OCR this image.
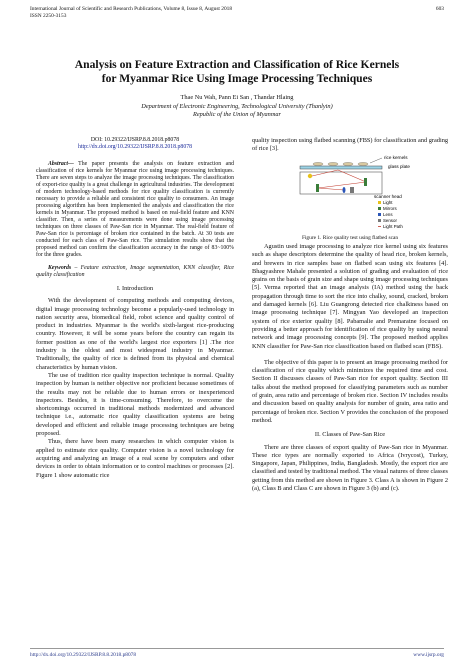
International Journal of Scientific and Research Publications, Volume 8, Issue 8, August 2018
ISSN 2250-3153
603
Analysis on Feature Extraction and Classification of Rice Kernels
for Myanmar Rice Using Image Processing Techniques
Thae Nu Wah, Pann Ei San , Thandar Hlaing
Department of Electronic Engineering, Technological University (Thanlyin)
Republic of the Union of Myanmar
DOI: 10.29322/IJSRP.8.8.2018.p8078
http://dx.doi.org/10.29322/IJSRP.8.8.2018.p8078

Abstract— The paper presents the analysis on feature extraction and classification of rice kernels for Myanmar rice using image processing techniques. There are seven steps to analyze the image processing techniques. The classification of export-rice quality is a great challenge in agricultural industries. The development of modern technology-based methods for rice quality classification is currently necessary to provide a reliable and consistent rice quality to consumers. An image processing algorithm has been implemented the analysis and classification the rice kernels in Myanmar. The proposed method is based on real-field feature and KNN classifier. Then, a series of measurements were done using image processing techniques on three classes of Paw-San rice in Myanmar. The real-field feature of Paw-San rice is percentage of broken rice contained in the batch. At 30 tests are conducted for each class of Paw-San rice. The simulation results show that the proposed method can confirm the classification accuracy in the range of 83~100% for the three grades.

Keywords – Feature extraction, Image segmentation, KNN classifier, Rice quality classification

I. Introduction

With the development of computing methods and computing devices, digital image processing technology become a popularly-used technology in nation security area, biomedical field, robot science and quality control of product in industries. Myanmar is the world's sixth-largest rice-producing country. However, it will be some years before the country can regain its former position as one of the world's largest rice exporters [1] .The rice industry is the oldest and most widespread industry in Myanmar. Traditionally, the quality of rice is defined from its physical and chemical characteristics by human vision.

The use of tradition rice quality inspection technique is normal. Quality inspection by human is neither objective nor proficient because sometimes of the results may not be reliable due to human errors or inexperienced inspectors. Besides, it is time-consuming. Therefore, to overcome the shortcomings occurred in traditional methods modernized and advanced technique i.e., automatic rice quality classification systems are being developed and efficient and reliable image processing techniques are being proposed.

Thus, there have been many researches in which computer vision is applied to estimate rice quality. Computer vision is a novel technology for acquiring and analyzing an image of a real scene by computers and other devices in order to obtain information or to control machines or processes [2]. Figure 1 show automatic rice

quality inspection using flatbed scanning (FBS) for classification and grading of rice [3].

rice kernels
glass plate
scanner head
Light
Mirrors
Lens
Sensor
Light Path
Figure 1. Rice quality test using flatbed scan

Agustin used image processing to analyze rice kernel using six features such as shape descriptors determine the quality of head rice, broken kernels, and brewers in rice samples base on flatbed scan using six features [4]. Bhagyashree Mahale presented a solution of grading and evaluation of rice grains on the basis of grain size and shape using image processing techniques [5]. Verma reported that an image analysis (IA) method using the back propagation through time to sort the rice into chalky, sound, cracked, broken and damaged kernels [6]. Liu Guangrong detected rice chalkiness based on image processing technique [7]. Mingyan Yao developed an inspection system of rice exterior quality [8]. Pabamalie and Premaratne focused on providing a better approach for identification of rice quality by using neural network and image processing concepts [9]. The proposed method applies KNN classifier for Paw-San rice classification based on flatbed scan (FBS).

The objective of this paper is to present an image processing method for classification of rice quality which minimizes the required time and cost. Section II discusses classes of Paw-San rice for export quality. Section III talks about the method proposed for classifying parameters such as number of grain, area ratio and percentage of broken rice. Section IV includes results and discussion based on quality analysis for number of grain, area ratio and percentage of broken rice. Section V provides the conclusion of the proposed method.

II. Classes of Paw-San Rice

There are three classes of export quality of Paw-San rice in Myanmar. These rice types are normally exported to Africa (Ivrycost), Turkey, Singapore, Japan, Philippines, India, Bangladesh. Mostly, the export rice are classified and tested by traditional method. The visual natures of three classes getting from this method are shown in Figure 3. Class A is shown in Figure 2 (a), Class B and Class C are shown in Figure 3 (b) and (c).

http://dx.doi.org/10.29322/IJSRP.8.8.2018.p8078	www.ijsrp.org
